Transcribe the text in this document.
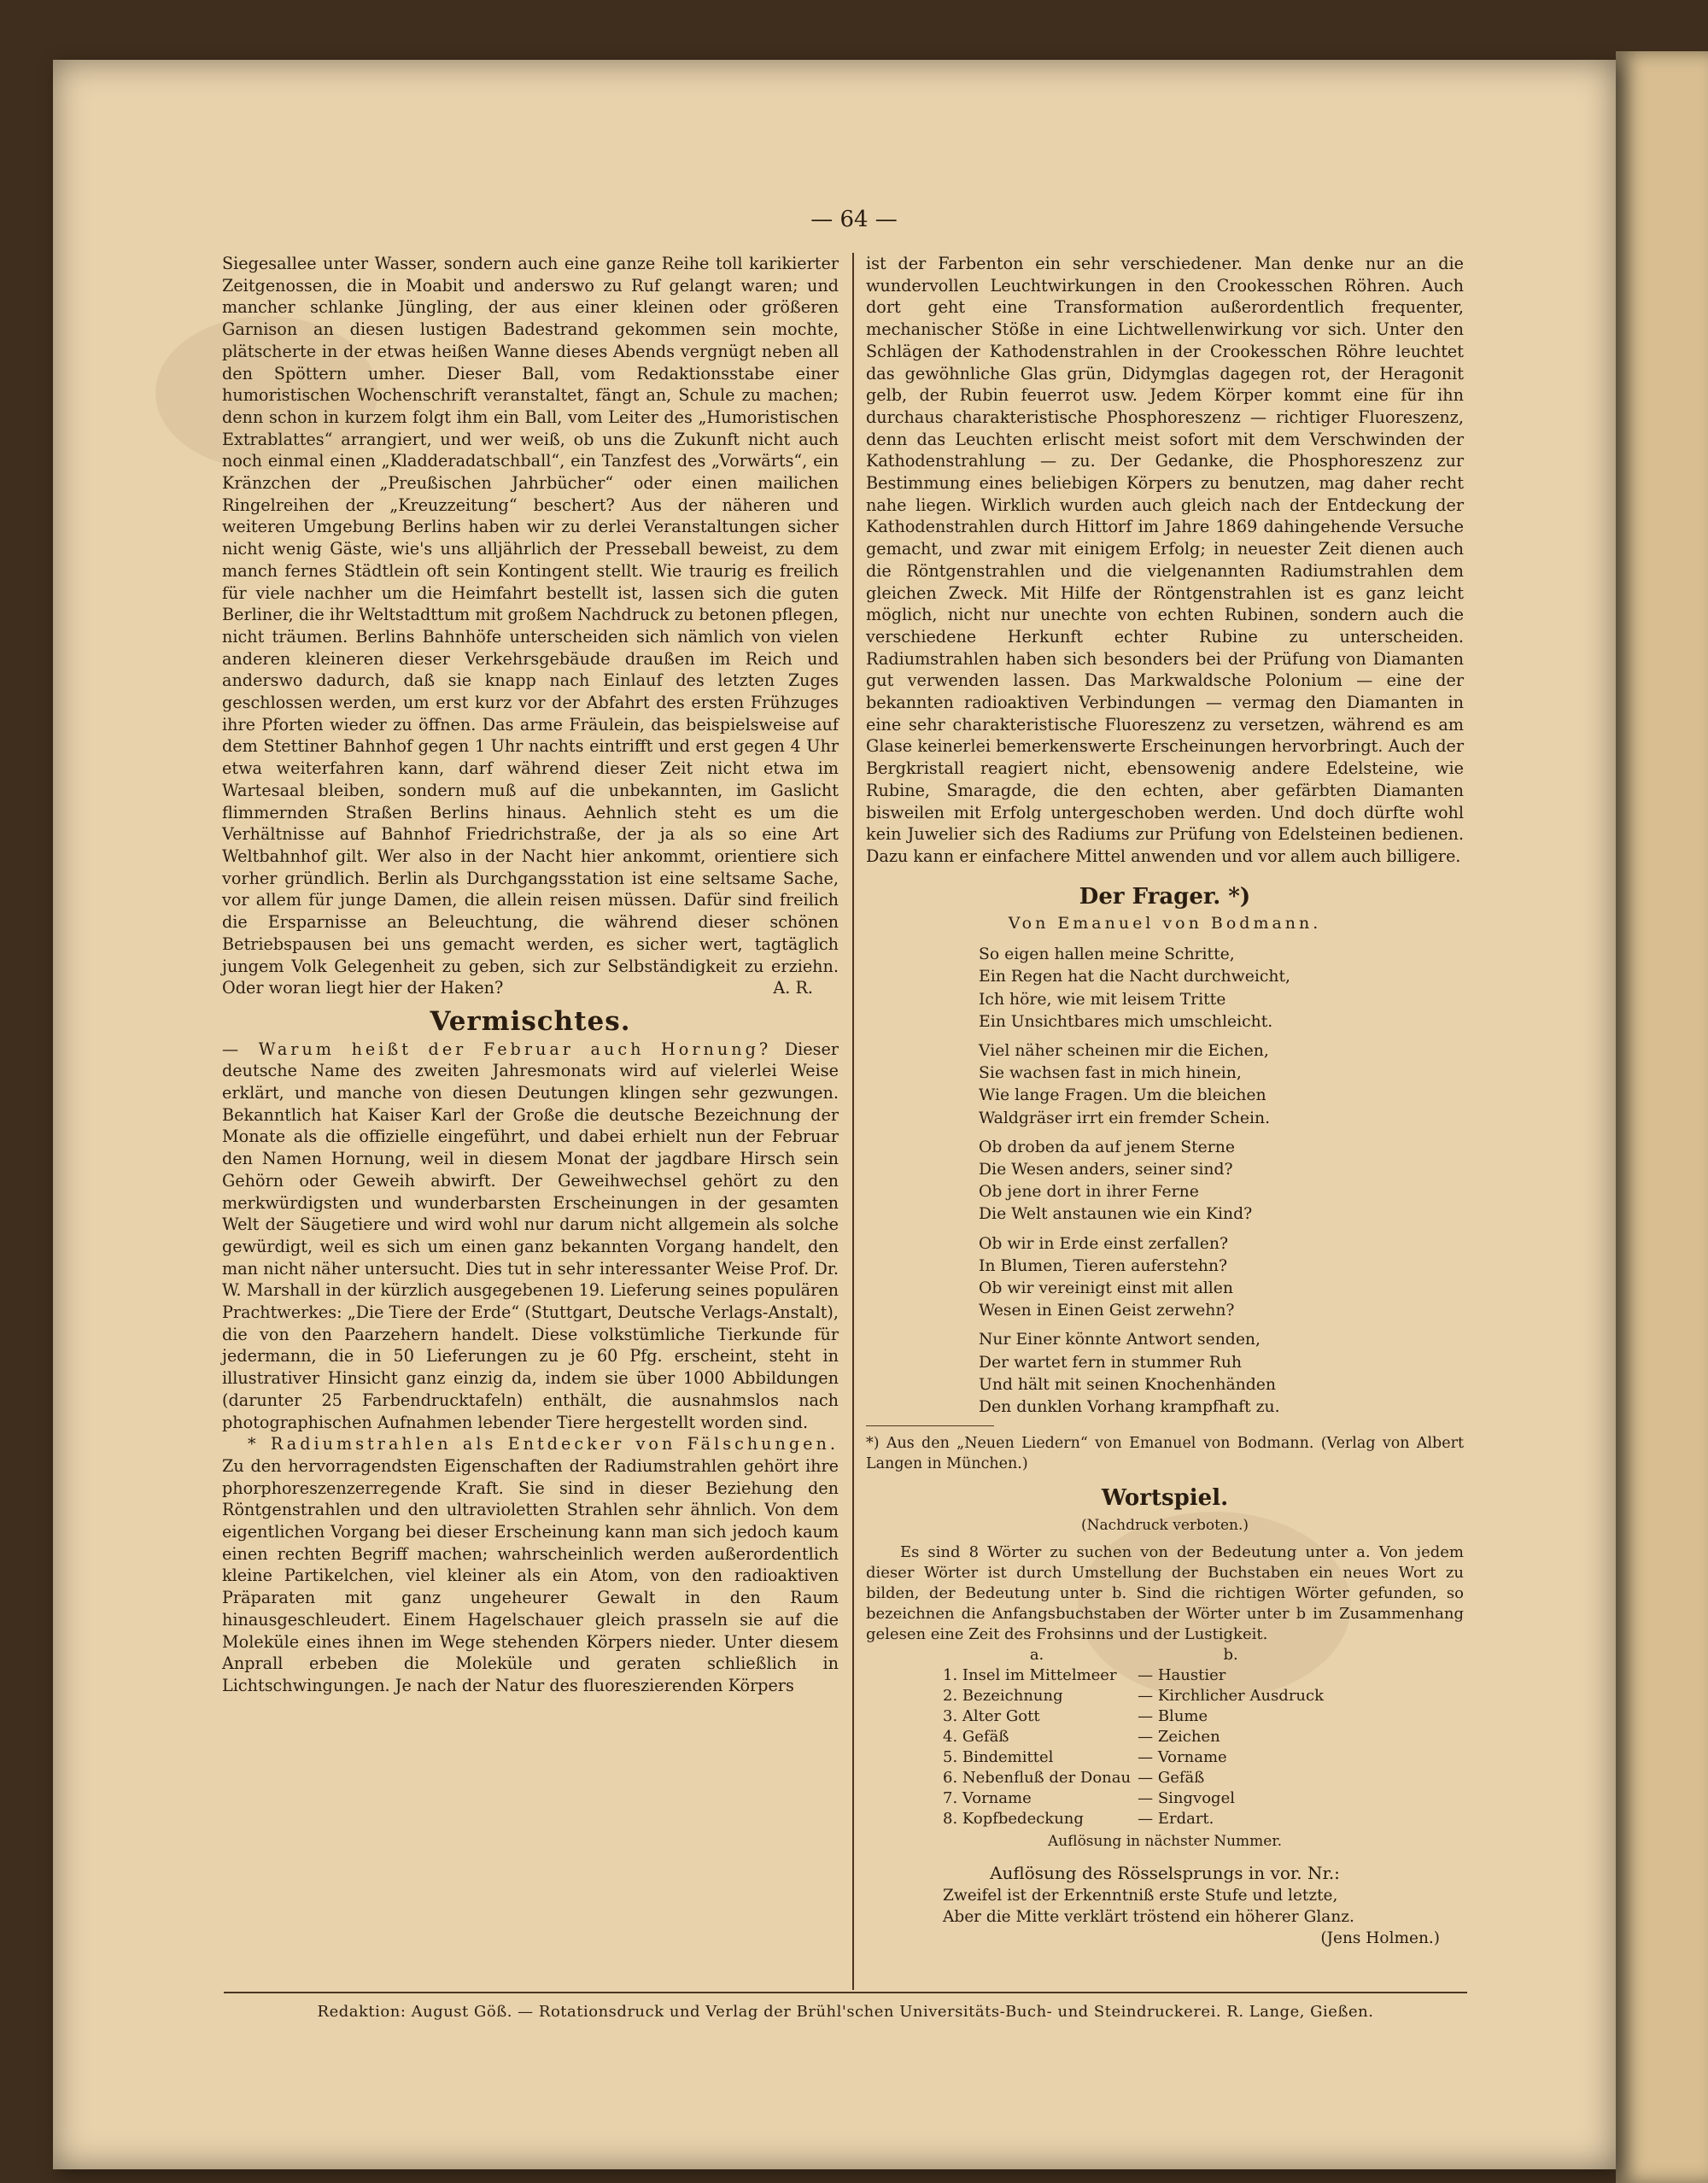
— 64 —

Siegesallee unter Wasser, sondern auch eine ganze Reihe toll karikierter Zeitgenossen, die in Moabit und anderswo zu Ruf gelangt waren; und mancher schlanke Jüngling, der aus einer kleinen oder größeren Garnison an diesen lustigen Badestrand gekommen sein mochte, plätscherte in der etwas heißen Wanne dieses Abends vergnügt neben all den Spöttern umher. Dieser Ball, vom Redaktionsstabe einer humoristischen Wochenschrift veranstaltet, fängt an, Schule zu machen; denn schon in kurzem folgt ihm ein Ball, vom Leiter des „Humoristischen Extrablattes“ arrangiert, und wer weiß, ob uns die Zukunft nicht auch noch einmal einen „Kladderadatschball“, ein Tanzfest des „Vorwärts“, ein Kränzchen der „Preußischen Jahrbücher“ oder einen mailichen Ringelreihen der „Kreuzzeitung“ beschert? Aus der näheren und weiteren Umgebung Berlins haben wir zu derlei Veranstaltungen sicher nicht wenig Gäste, wie's uns alljährlich der Presseball beweist, zu dem manch fernes Städtlein oft sein Kontingent stellt. Wie traurig es freilich für viele nachher um die Heimfahrt bestellt ist, lassen sich die guten Berliner, die ihr Weltstadttum mit großem Nachdruck zu betonen pflegen, nicht träumen. Berlins Bahnhöfe unterscheiden sich nämlich von vielen anderen kleineren dieser Verkehrsgebäude draußen im Reich und anderswo dadurch, daß sie knapp nach Einlauf des letzten Zuges geschlossen werden, um erst kurz vor der Abfahrt des ersten Frühzuges ihre Pforten wieder zu öffnen. Das arme Fräulein, das beispielsweise auf dem Stettiner Bahnhof gegen 1 Uhr nachts eintrifft und erst gegen 4 Uhr etwa weiterfahren kann, darf während dieser Zeit nicht etwa im Wartesaal bleiben, sondern muß auf die unbekannten, im Gaslicht flimmernden Straßen Berlins hinaus. Aehnlich steht es um die Verhältnisse auf Bahnhof Friedrichstraße, der ja als so eine Art Weltbahnhof gilt. Wer also in der Nacht hier ankommt, orientiere sich vorher gründlich. Berlin als Durchgangsstation ist eine seltsame Sache, vor allem für junge Damen, die allein reisen müssen. Dafür sind freilich die Ersparnisse an Beleuchtung, die während dieser schönen Betriebspausen bei uns gemacht werden, es sicher wert, tagtäglich jungem Volk Gelegenheit zu geben, sich zur Selbständigkeit zu erziehn. Oder woran liegt hier der Haken?	A. R.

Vermischtes.

— Warum heißt der Februar auch Hornung? Dieser deutsche Name des zweiten Jahresmonats wird auf vielerlei Weise erklärt, und manche von diesen Deutungen klingen sehr gezwungen. Bekanntlich hat Kaiser Karl der Große die deutsche Bezeichnung der Monate als die offizielle eingeführt, und dabei erhielt nun der Februar den Namen Hornung, weil in diesem Monat der jagdbare Hirsch sein Gehörn oder Geweih abwirft. Der Geweihwechsel gehört zu den merkwürdigsten und wunderbarsten Erscheinungen in der gesamten Welt der Säugetiere und wird wohl nur darum nicht allgemein als solche gewürdigt, weil es sich um einen ganz bekannten Vorgang handelt, den man nicht näher untersucht. Dies tut in sehr interessanter Weise Prof. Dr. W. Marshall in der kürzlich ausgegebenen 19. Lieferung seines populären Prachtwerkes: „Die Tiere der Erde“ (Stuttgart, Deutsche Verlags-Anstalt), die von den Paarzehern handelt. Diese volkstümliche Tierkunde für jedermann, die in 50 Lieferungen zu je 60 Pfg. erscheint, steht in illustrativer Hinsicht ganz einzig da, indem sie über 1000 Abbildungen (darunter 25 Farbendrucktafeln) enthält, die ausnahmslos nach photographischen Aufnahmen lebender Tiere hergestellt worden sind.

* Radiumstrahlen als Entdecker von Fälschungen. Zu den hervorragendsten Eigenschaften der Radiumstrahlen gehört ihre phorphoreszenzerregende Kraft. Sie sind in dieser Beziehung den Röntgenstrahlen und den ultravioletten Strahlen sehr ähnlich. Von dem eigentlichen Vorgang bei dieser Erscheinung kann man sich jedoch kaum einen rechten Begriff machen; wahrscheinlich werden außerordentlich kleine Partikelchen, viel kleiner als ein Atom, von den radioaktiven Präparaten mit ganz ungeheurer Gewalt in den Raum hinausgeschleudert. Einem Hagelschauer gleich prasseln sie auf die Moleküle eines ihnen im Wege stehenden Körpers nieder. Unter diesem Anprall erbeben die Moleküle und geraten schließlich in Lichtschwingungen. Je nach der Natur des fluoreszierenden Körpers

ist der Farbenton ein sehr verschiedener. Man denke nur an die wundervollen Leuchtwirkungen in den Crookesschen Röhren. Auch dort geht eine Transformation außerordentlich frequenter, mechanischer Stöße in eine Lichtwellenwirkung vor sich. Unter den Schlägen der Kathodenstrahlen in der Crookesschen Röhre leuchtet das gewöhnliche Glas grün, Didymglas dagegen rot, der Heragonit gelb, der Rubin feuerrot usw. Jedem Körper kommt eine für ihn durchaus charakteristische Phosphoreszenz — richtiger Fluoreszenz, denn das Leuchten erlischt meist sofort mit dem Verschwinden der Kathodenstrahlung — zu. Der Gedanke, die Phosphoreszenz zur Bestimmung eines beliebigen Körpers zu benutzen, mag daher recht nahe liegen. Wirklich wurden auch gleich nach der Entdeckung der Kathodenstrahlen durch Hittorf im Jahre 1869 dahingehende Versuche gemacht, und zwar mit einigem Erfolg; in neuester Zeit dienen auch die Röntgenstrahlen und die vielgenannten Radiumstrahlen dem gleichen Zweck. Mit Hilfe der Röntgenstrahlen ist es ganz leicht möglich, nicht nur unechte von echten Rubinen, sondern auch die verschiedene Herkunft echter Rubine zu unterscheiden. Radiumstrahlen haben sich besonders bei der Prüfung von Diamanten gut verwenden lassen. Das Markwaldsche Polonium — eine der bekannten radioaktiven Verbindungen — vermag den Diamanten in eine sehr charakteristische Fluoreszenz zu versetzen, während es am Glase keinerlei bemerkenswerte Erscheinungen hervorbringt. Auch der Bergkristall reagiert nicht, ebensowenig andere Edelsteine, wie Rubine, Smaragde, die den echten, aber gefärbten Diamanten bisweilen mit Erfolg untergeschoben werden. Und doch dürfte wohl kein Juwelier sich des Radiums zur Prüfung von Edelsteinen bedienen. Dazu kann er einfachere Mittel anwenden und vor allem auch billigere.

Der Frager. *)
Von Emanuel von Bodmann.
So eigen hallen meine Schritte,
Ein Regen hat die Nacht durchweicht,
Ich höre, wie mit leisem Tritte
Ein Unsichtbares mich umschleicht.
Viel näher scheinen mir die Eichen,
Sie wachsen fast in mich hinein,
Wie lange Fragen. Um die bleichen
Waldgräser irrt ein fremder Schein.
Ob droben da auf jenem Sterne
Die Wesen anders, seiner sind?
Ob jene dort in ihrer Ferne
Die Welt anstaunen wie ein Kind?
Ob wir in Erde einst zerfallen?
In Blumen, Tieren auferstehn?
Ob wir vereinigt einst mit allen
Wesen in Einen Geist zerwehn?
Nur Einer könnte Antwort senden,
Der wartet fern in stummer Ruh
Und hält mit seinen Knochenhänden
Den dunklen Vorhang krampfhaft zu.
*) Aus den „Neuen Liedern“ von Emanuel von Bodmann. (Verlag von Albert Langen in München.)
Wortspiel.
(Nachdruck verboten.)

Es sind 8 Wörter zu suchen von der Bedeutung unter a. Von jedem dieser Wörter ist durch Umstellung der Buchstaben ein neues Wort zu bilden, der Bedeutung unter b. Sind die richtigen Wörter gefunden, so bezeichnen die Anfangsbuchstaben der Wörter unter b im Zusammenhang gelesen eine Zeit des Frohsinns und der Lustigkeit.

a.	b.
1. Insel im Mittelmeer	— Haustier
2. Bezeichnung	— Kirchlicher Ausdruck
3. Alter Gott	— Blume
4. Gefäß	— Zeichen
5. Bindemittel	— Vorname
6. Nebenfluß der Donau	— Gefäß
7. Vorname	— Singvogel
8. Kopfbedeckung	— Erdart.
Auflösung in nächster Nummer.
Auflösung des Rösselsprungs in vor. Nr.:
Zweifel ist der Erkenntniß erste Stufe und letzte,
Aber die Mitte verklärt tröstend ein höherer Glanz.
(Jens Holmen.)
Redaktion: August Göß. — Rotationsdruck und Verlag der Brühl'schen Universitäts-Buch- und Steindruckerei. R. Lange, Gießen.
